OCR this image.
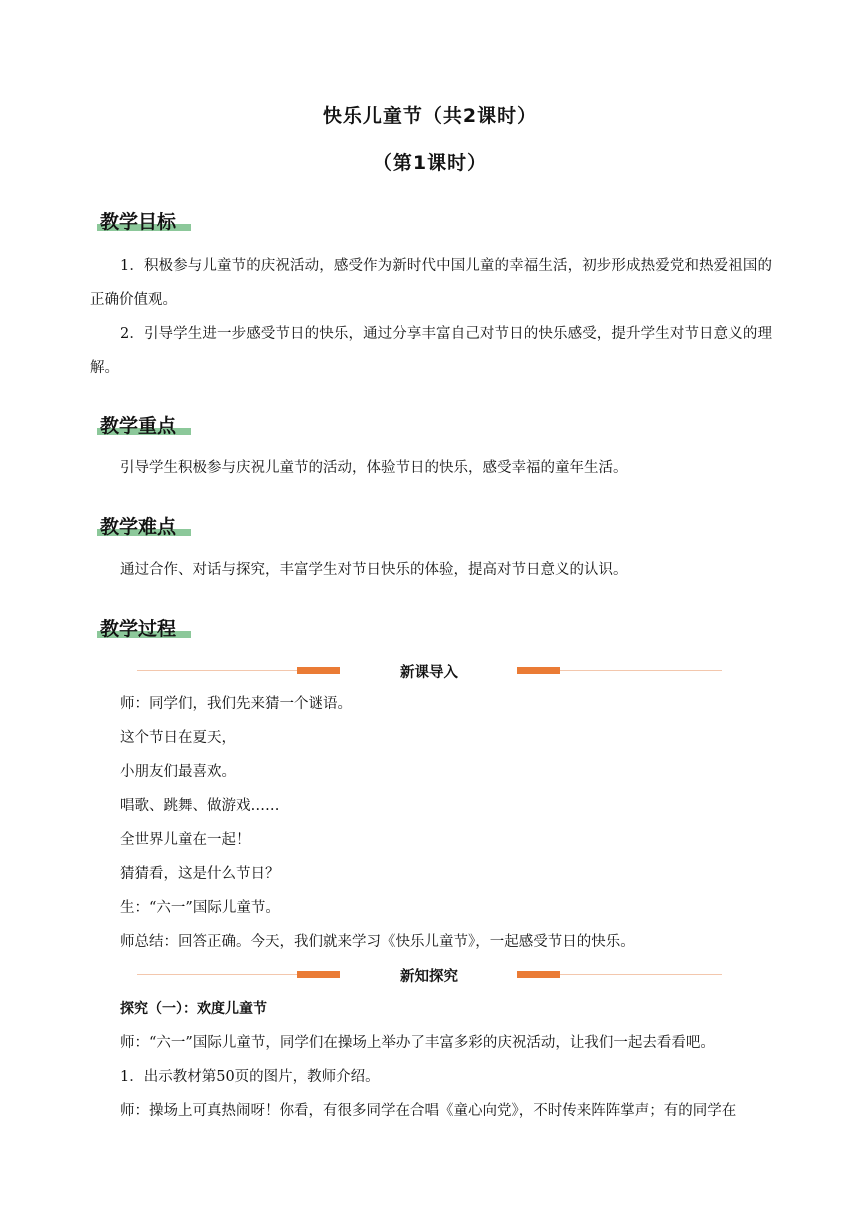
快乐儿童节（共2课时）
（第1课时）
教学目标

1．积极参与儿童节的庆祝活动，感受作为新时代中国儿童的幸福生活，初步形成热爱党和热爱祖国的正确价值观。

2．引导学生进一步感受节日的快乐，通过分享丰富自己对节日的快乐感受，提升学生对节日意义的理解。

教学重点

引导学生积极参与庆祝儿童节的活动，体验节日的快乐，感受幸福的童年生活。

教学难点

通过合作、对话与探究，丰富学生对节日快乐的体验，提高对节日意义的认识。

教学过程
新课导入
师：同学们，我们先来猜一个谜语。
这个节日在夏天，
小朋友们最喜欢。
唱歌、跳舞、做游戏……
全世界儿童在一起！
猜猜看，这是什么节日？
生：“六一”国际儿童节。
师总结：回答正确。今天，我们就来学习《快乐儿童节》，一起感受节日的快乐。
新知探究
探究（一）：欢度儿童节
师：“六一”国际儿童节，同学们在操场上举办了丰富多彩的庆祝活动，让我们一起去看看吧。
1．出示教材第50页的图片，教师介绍。
师：操场上可真热闹呀！你看，有很多同学在合唱《童心向党》，不时传来阵阵掌声；有的同学在
